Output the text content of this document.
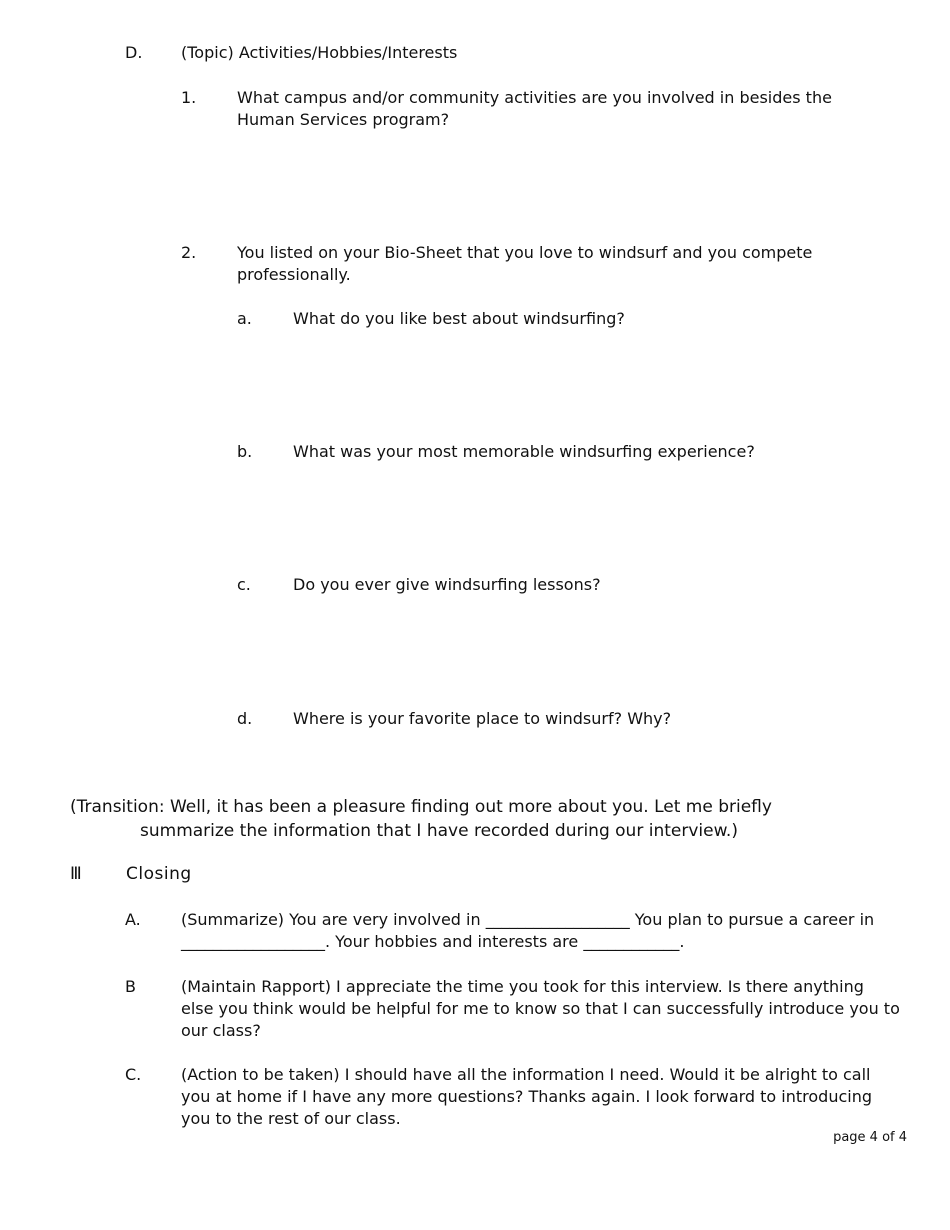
D.	(Topic) Activities/Hobbies/Interests
1.	What campus and/or community activities are you involved in besides the Human Services program?
2.	You listed on your Bio-Sheet that you love to windsurf and you compete professionally.
a.	What do you like best about windsurfing?
b.	What was your most memorable windsurfing experience?
c.	Do you ever give windsurfing lessons?
d.	Where is your favorite place to windsurf? Why?
(Transition: Well, it has been a pleasure finding out more about you. Let me briefly summarize the information that I have recorded during our interview.)
Ⅲ	Closing
A.	(Summarize) You are very involved in __________________ You plan to pursue a career in __________________. Your hobbies and interests are ____________.
B	(Maintain Rapport) I appreciate the time you took for this interview. Is there anything else you think would be helpful for me to know so that I can successfully introduce you to our class?
C.	(Action to be taken) I should have all the information I need. Would it be alright to call you at home if I have any more questions? Thanks again. I look forward to introducing you to the rest of our class.
page 4 of 4
